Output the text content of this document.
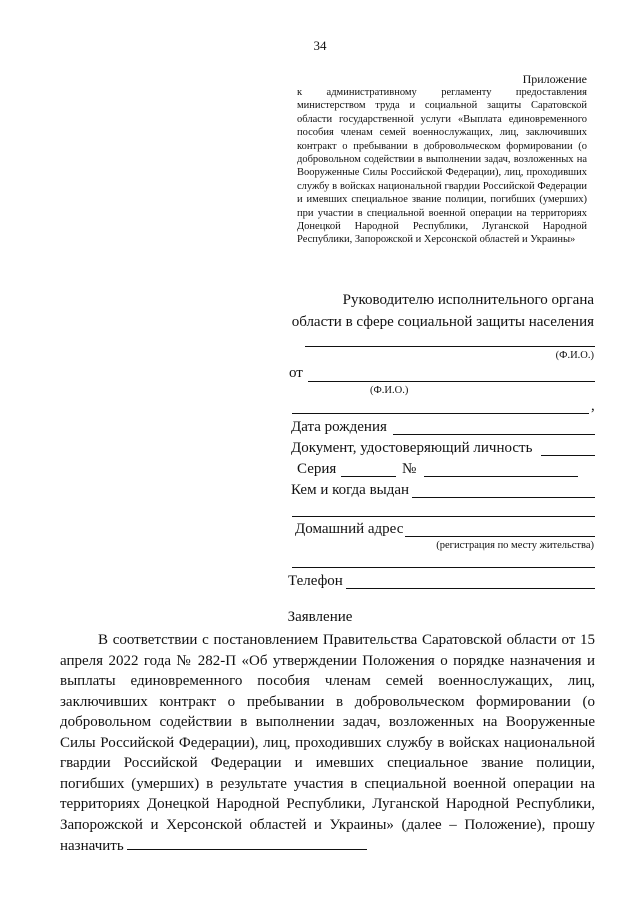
34
Приложение
к административному регламенту предоставления министерством труда и социальной защиты Саратовской области государственной услуги «Выплата единовременного пособия членам семей военнослужащих, лиц, заключивших контракт о пребывании в добровольческом формировании (о добровольном содействии в выполнении задач, возложенных на Вооруженные Силы Российской Федерации), лиц, проходивших службу в войсках национальной гвардии Российской Федерации и имевших специальное звание полиции, погибших (умерших) при участии в специальной военной операции на территориях Донецкой Народной Республики, Луганской Народной Республики, Запорожской и Херсонской областей и Украины»
Руководителю исполнительного органа
области в сфере социальной защиты населения
(Ф.И.О.)
от
(Ф.И.О.)
,
Дата рождения
Документ, удостоверяющий личность
Серия	№
Кем и когда выдан
Домашний адрес
(регистрация по месту жительства)
Телефон
Заявление

В соответствии с постановлением Правительства Саратовской области от 15 апреля 2022 года № 282-П «Об утверждении Положения о порядке назначения и выплаты единовременного пособия членам семей военнослужащих, лиц, заключивших контракт о пребывании в добровольческом формировании (о добровольном содействии в выполнении задач, возложенных на Вооруженные Силы Российской Федерации), лиц, проходивших службу в войсках национальной гвардии Российской Федерации и имевших специальное звание полиции, погибших (умерших) в результате участия в специальной военной операции на территориях Донецкой Народной Республики, Луганской Народной Республики, Запорожской и Херсонской областей и Украины» (далее – Положение), прошу назначить
